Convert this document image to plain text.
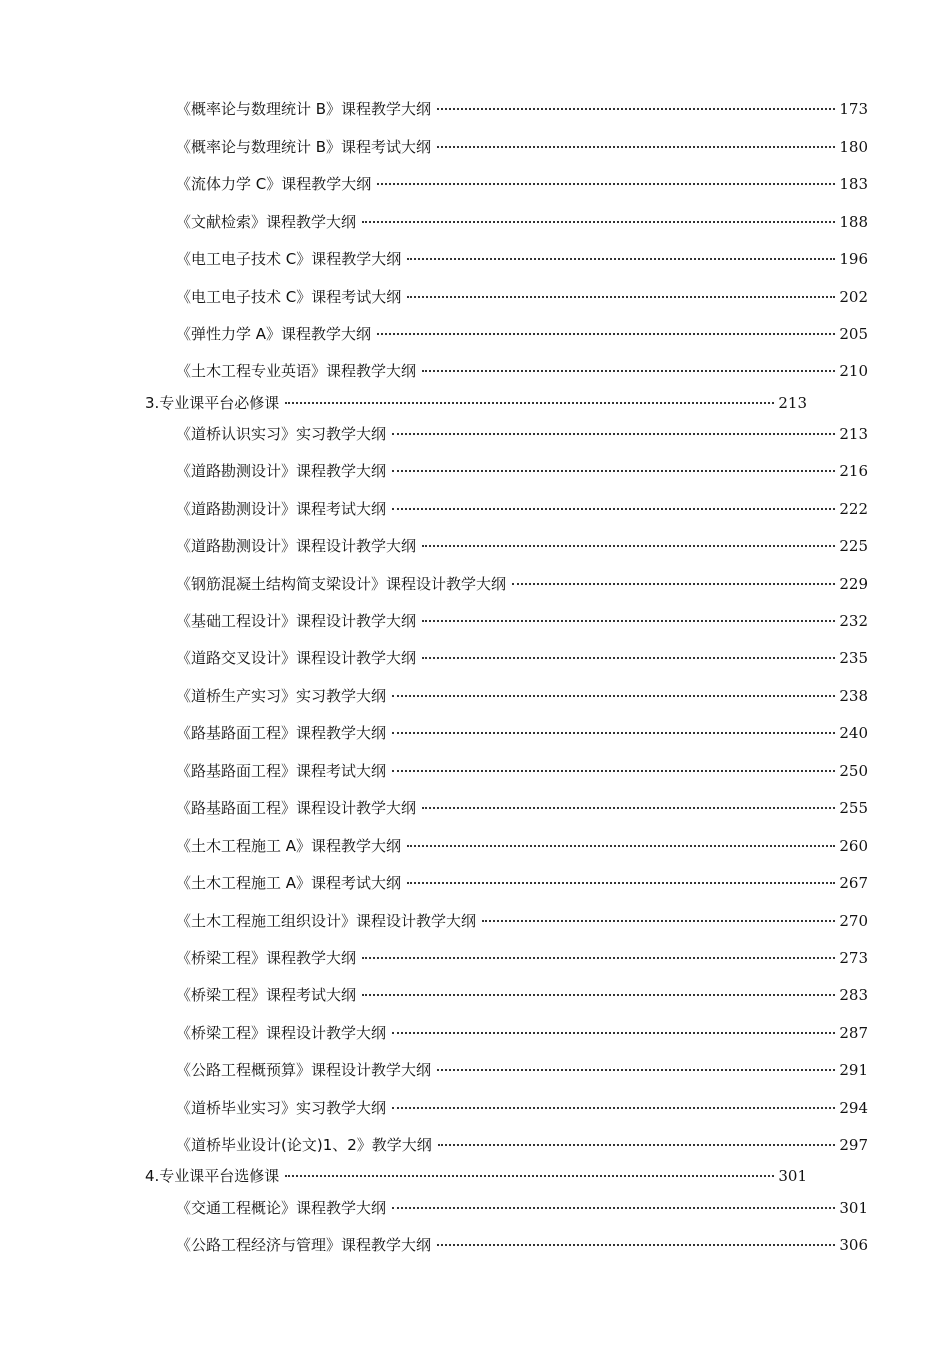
《概率论与数理统计 B》课程教学大纲	173
《概率论与数理统计 B》课程考试大纲	180
《流体力学 C》课程教学大纲	183
《文献检索》课程教学大纲	188
《电工电子技术 C》课程教学大纲	196
《电工电子技术 C》课程考试大纲	202
《弹性力学 A》课程教学大纲	205
《土木工程专业英语》课程教学大纲	210
3.专业课平台必修课	213
《道桥认识实习》实习教学大纲	213
《道路勘测设计》课程教学大纲	216
《道路勘测设计》课程考试大纲	222
《道路勘测设计》课程设计教学大纲	225
《钢筋混凝土结构简支梁设计》课程设计教学大纲	229
《基础工程设计》课程设计教学大纲	232
《道路交叉设计》课程设计教学大纲	235
《道桥生产实习》实习教学大纲	238
《路基路面工程》课程教学大纲	240
《路基路面工程》课程考试大纲	250
《路基路面工程》课程设计教学大纲	255
《土木工程施工 A》课程教学大纲	260
《土木工程施工 A》课程考试大纲	267
《土木工程施工组织设计》课程设计教学大纲	270
《桥梁工程》课程教学大纲	273
《桥梁工程》课程考试大纲	283
《桥梁工程》课程设计教学大纲	287
《公路工程概预算》课程设计教学大纲	291
《道桥毕业实习》实习教学大纲	294
《道桥毕业设计(论文)1、2》教学大纲	297
4.专业课平台选修课	301
《交通工程概论》课程教学大纲	301
《公路工程经济与管理》课程教学大纲	306
